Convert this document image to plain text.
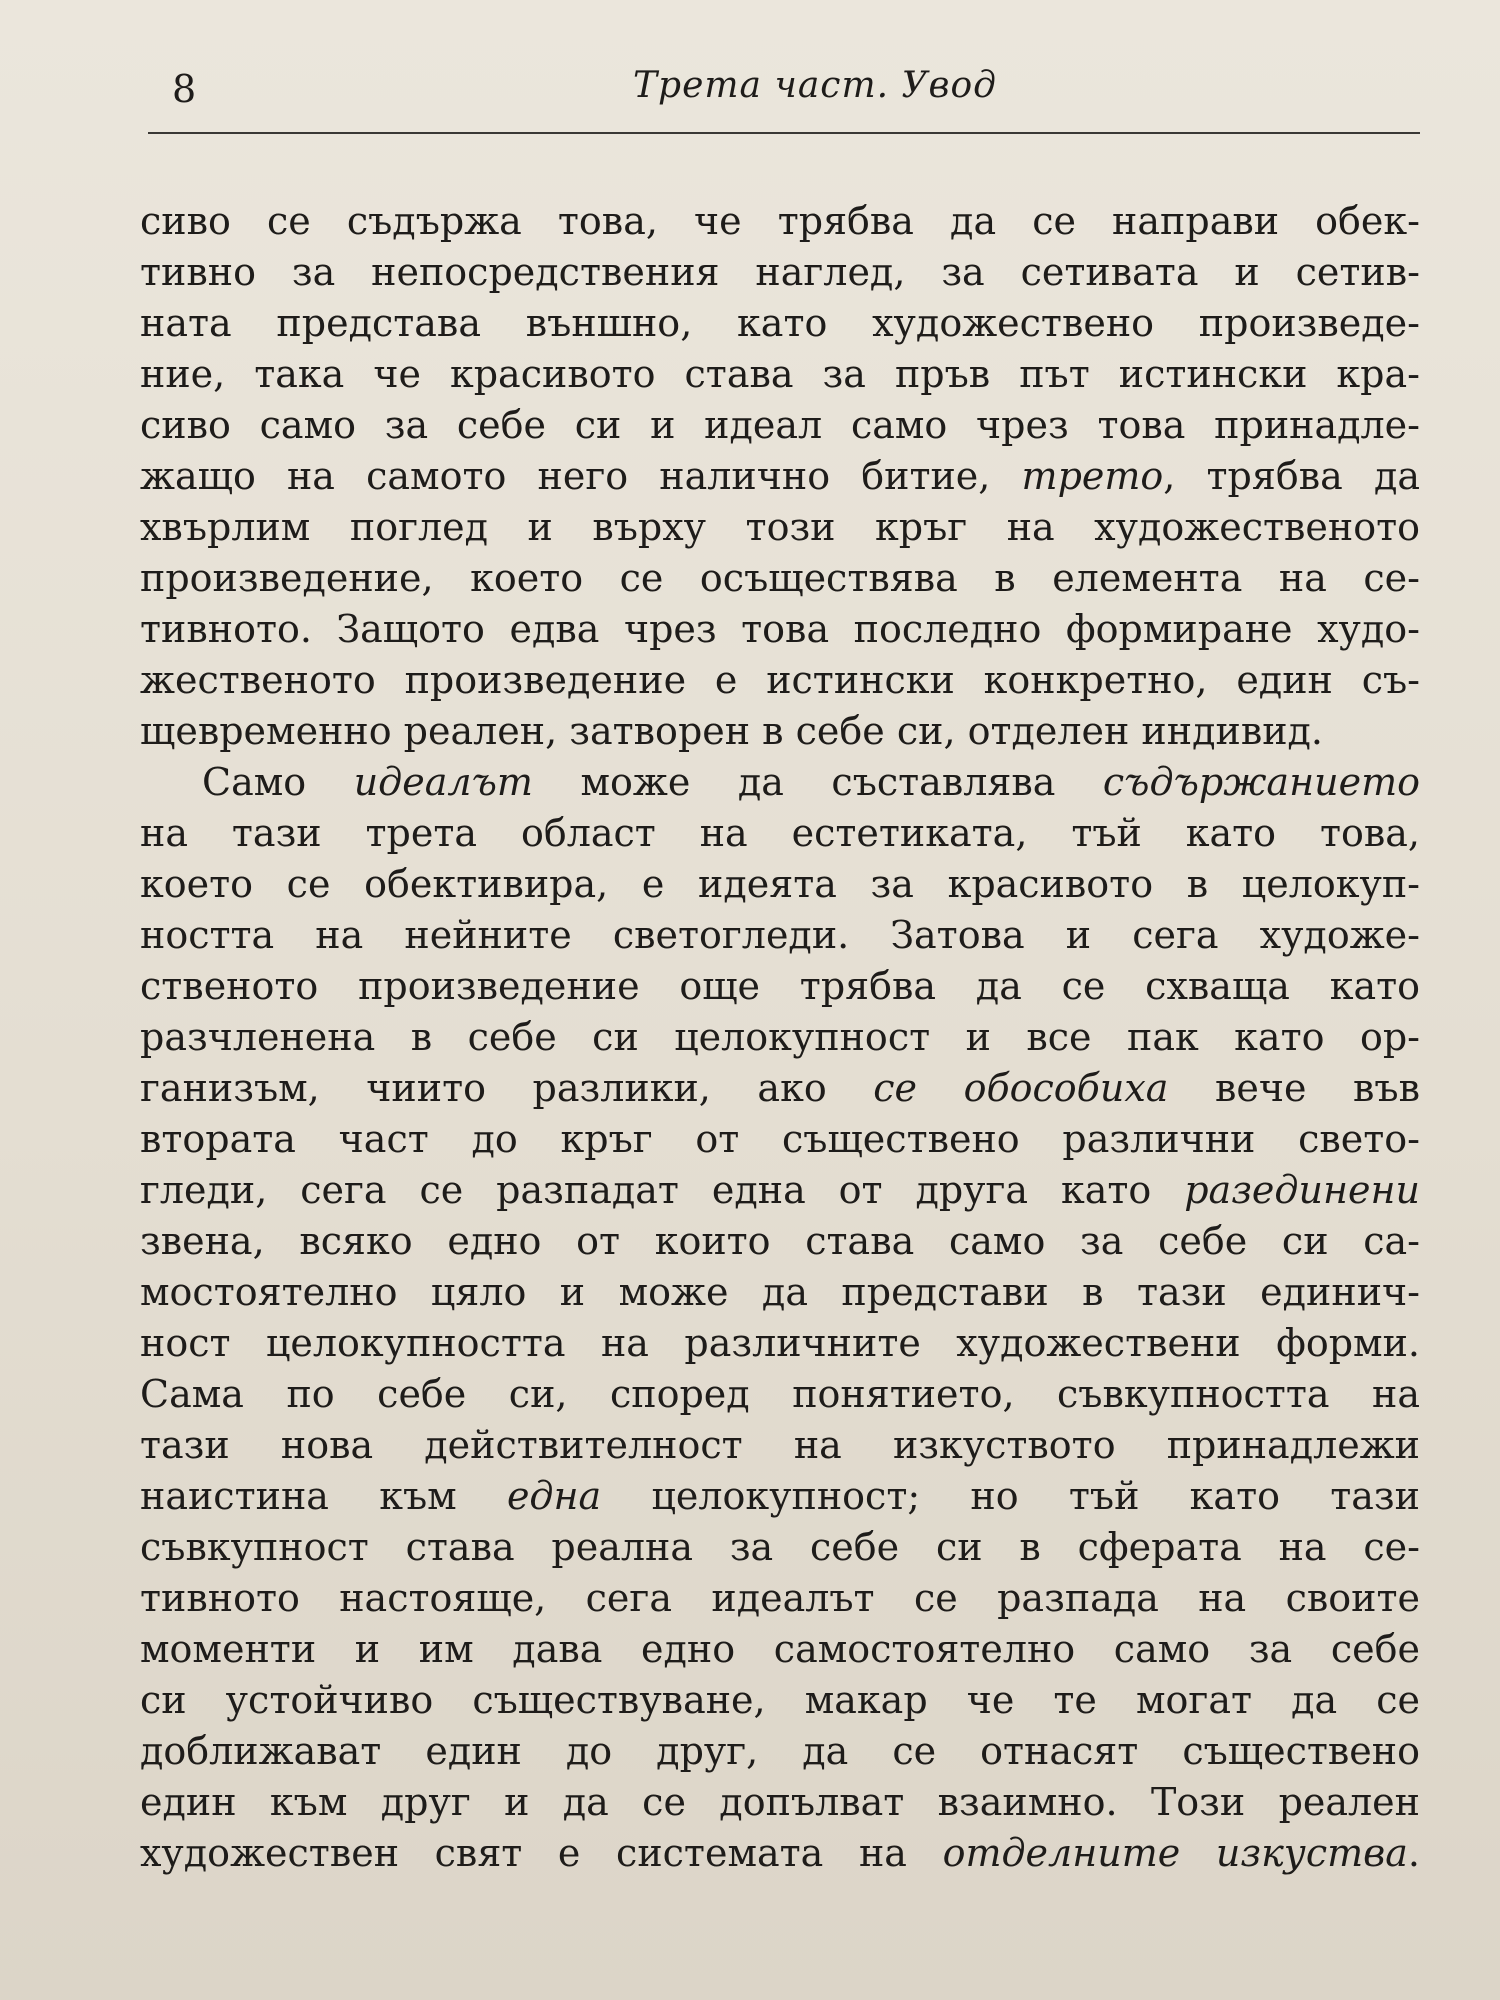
8	Трета част. Увод
сиво се съдържа това, че трябва да се направи обек-
тивно за непосредствения наглед, за сетивата и сетив-
ната представа външно, като художествено произведе-
ние, така че красивото става за пръв път истински кра-
сиво само за себе си и идеал само чрез това принадле-
жащо на самото него налично битие, трето, трябва да
хвърлим поглед и върху този кръг на художественото
произведение, което се осъществява в елемента на се-
тивното. Защото едва чрез това последно формиране худо-
жественото произведение е истински конкретно, един съ-
щевременно реален, затворен в себе си, отделен индивид.
Само идеалът може да съставлява съдържанието
на тази трета област на естетиката, тъй като това,
което се обективира, е идеята за красивото в целокуп-
ността на нейните светогледи. Затова и сега художе-
ственото произведение още трябва да се схваща като
разчленена в себе си целокупност и все пак като ор-
ганизъм, чиито разлики, ако се обособиха вече във
втората част до кръг от съществено различни свето-
гледи, сега се разпадат една от друга като разединени
звена, всяко едно от които става само за себе си са-
мостоятелно цяло и може да представи в тази единич-
ност целокупността на различните художествени форми.
Сама по себе си, според понятието, съвкупността на
тази нова действителност на изкуството принадлежи
наистина към една целокупност; но тъй като тази
съвкупност става реална за себе си в сферата на се-
тивното настояще, сега идеалът се разпада на своите
моменти и им дава едно самостоятелно само за себе
си устойчиво съществуване, макар че те могат да се
доближават един до друг, да се отнасят съществено
един към друг и да се допълват взаимно. Този реален
художествен свят е системата на отделните изкуства.
